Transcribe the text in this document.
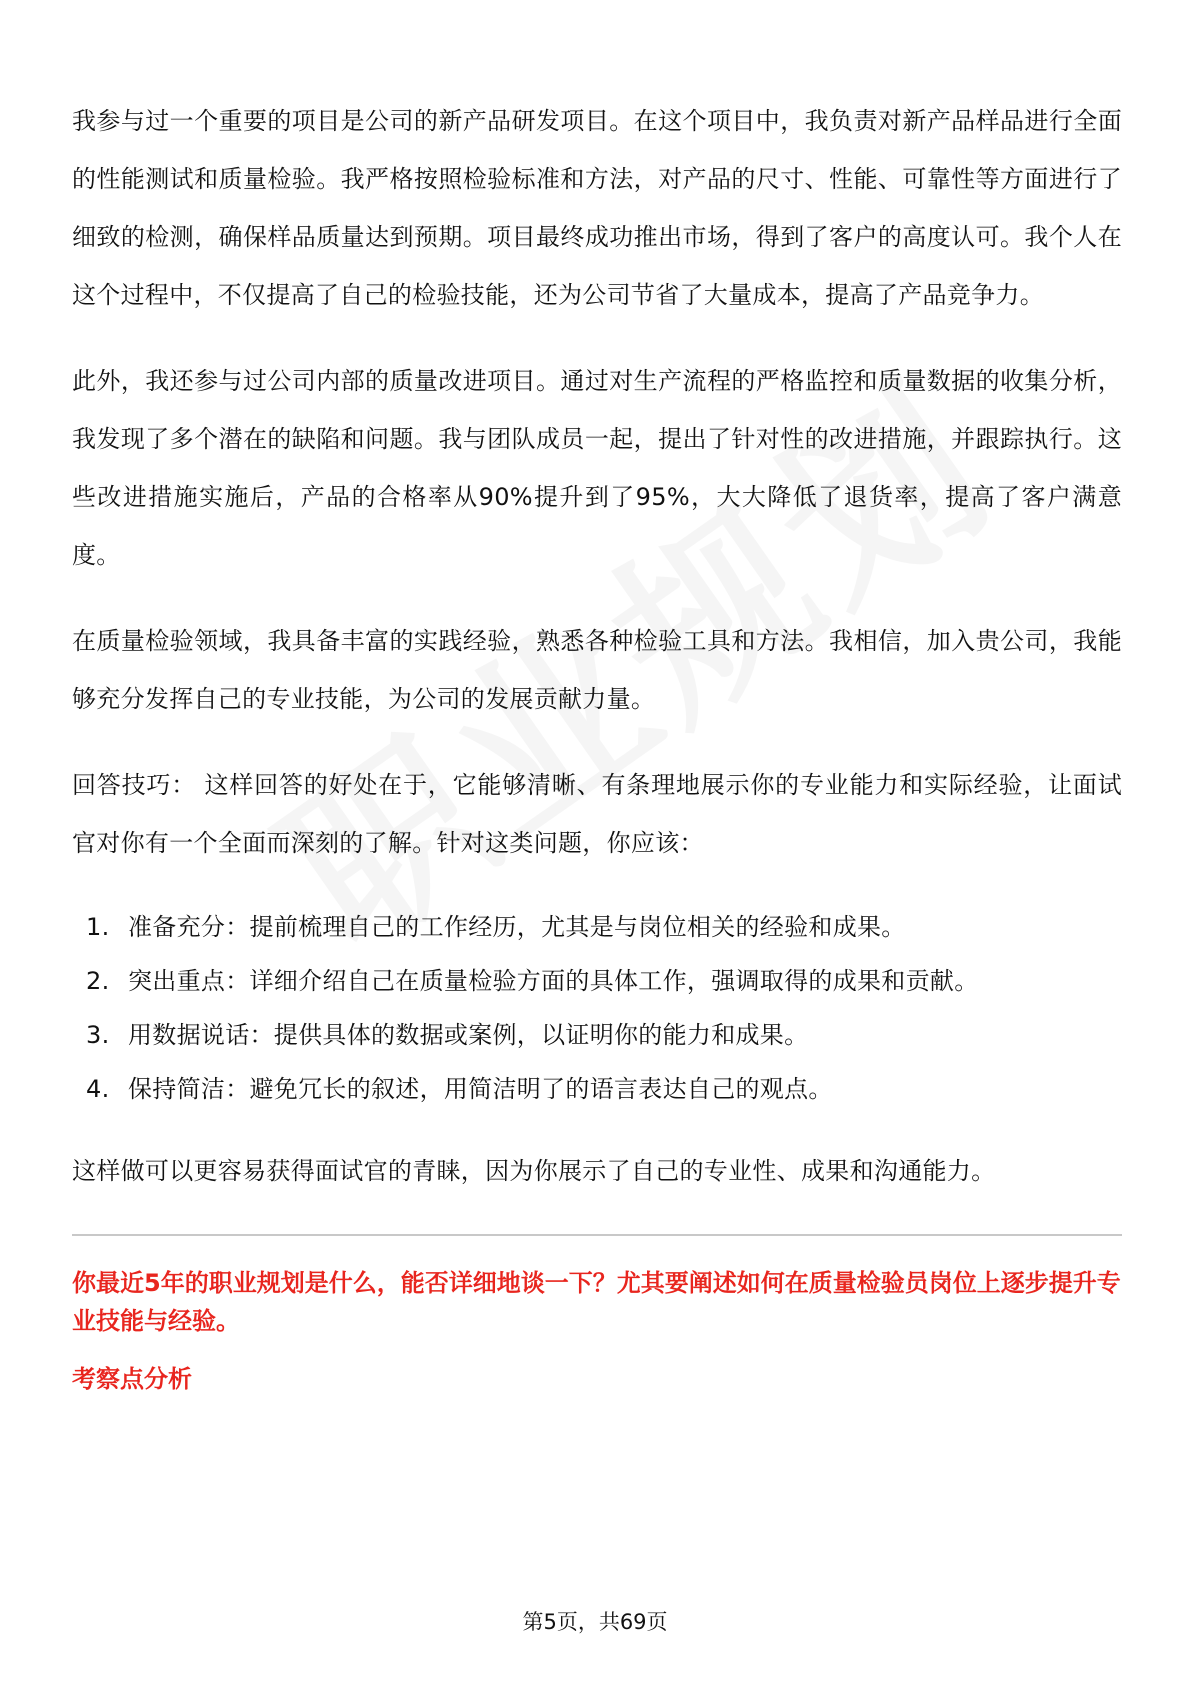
我参与过一个重要的项目是公司的新产品研发项目。在这个项目中，我负责对新产品样品进行全面的性能测试和质量检验。我严格按照检验标准和方法，对产品的尺寸、性能、可靠性等方面进行了细致的检测，确保样品质量达到预期。项目最终成功推出市场，得到了客户的高度认可。我个人在这个过程中，不仅提高了自己的检验技能，还为公司节省了大量成本，提高了产品竞争力。

此外，我还参与过公司内部的质量改进项目。通过对生产流程的严格监控和质量数据的收集分析，我发现了多个潜在的缺陷和问题。我与团队成员一起，提出了针对性的改进措施，并跟踪执行。这些改进措施实施后，产品的合格率从90%提升到了95%，大大降低了退货率，提高了客户满意度。

在质量检验领域，我具备丰富的实践经验，熟悉各种检验工具和方法。我相信，加入贵公司，我能够充分发挥自己的专业技能，为公司的发展贡献力量。

回答技巧： 这样回答的好处在于，它能够清晰、有条理地展示你的专业能力和实际经验，让面试官对你有一个全面而深刻的了解。针对这类问题，你应该：

1. 准备充分：提前梳理自己的工作经历，尤其是与岗位相关的经验和成果。
2. 突出重点：详细介绍自己在质量检验方面的具体工作，强调取得的成果和贡献。
3. 用数据说话：提供具体的数据或案例，以证明你的能力和成果。
4. 保持简洁：避免冗长的叙述，用简洁明了的语言表达自己的观点。

这样做可以更容易获得面试官的青睐，因为你展示了自己的专业性、成果和沟通能力。

你最近5年的职业规划是什么，能否详细地谈一下？尤其要阐述如何在质量检验员岗位上逐步提升专业技能与经验。
考察点分析
第5页，共69页
